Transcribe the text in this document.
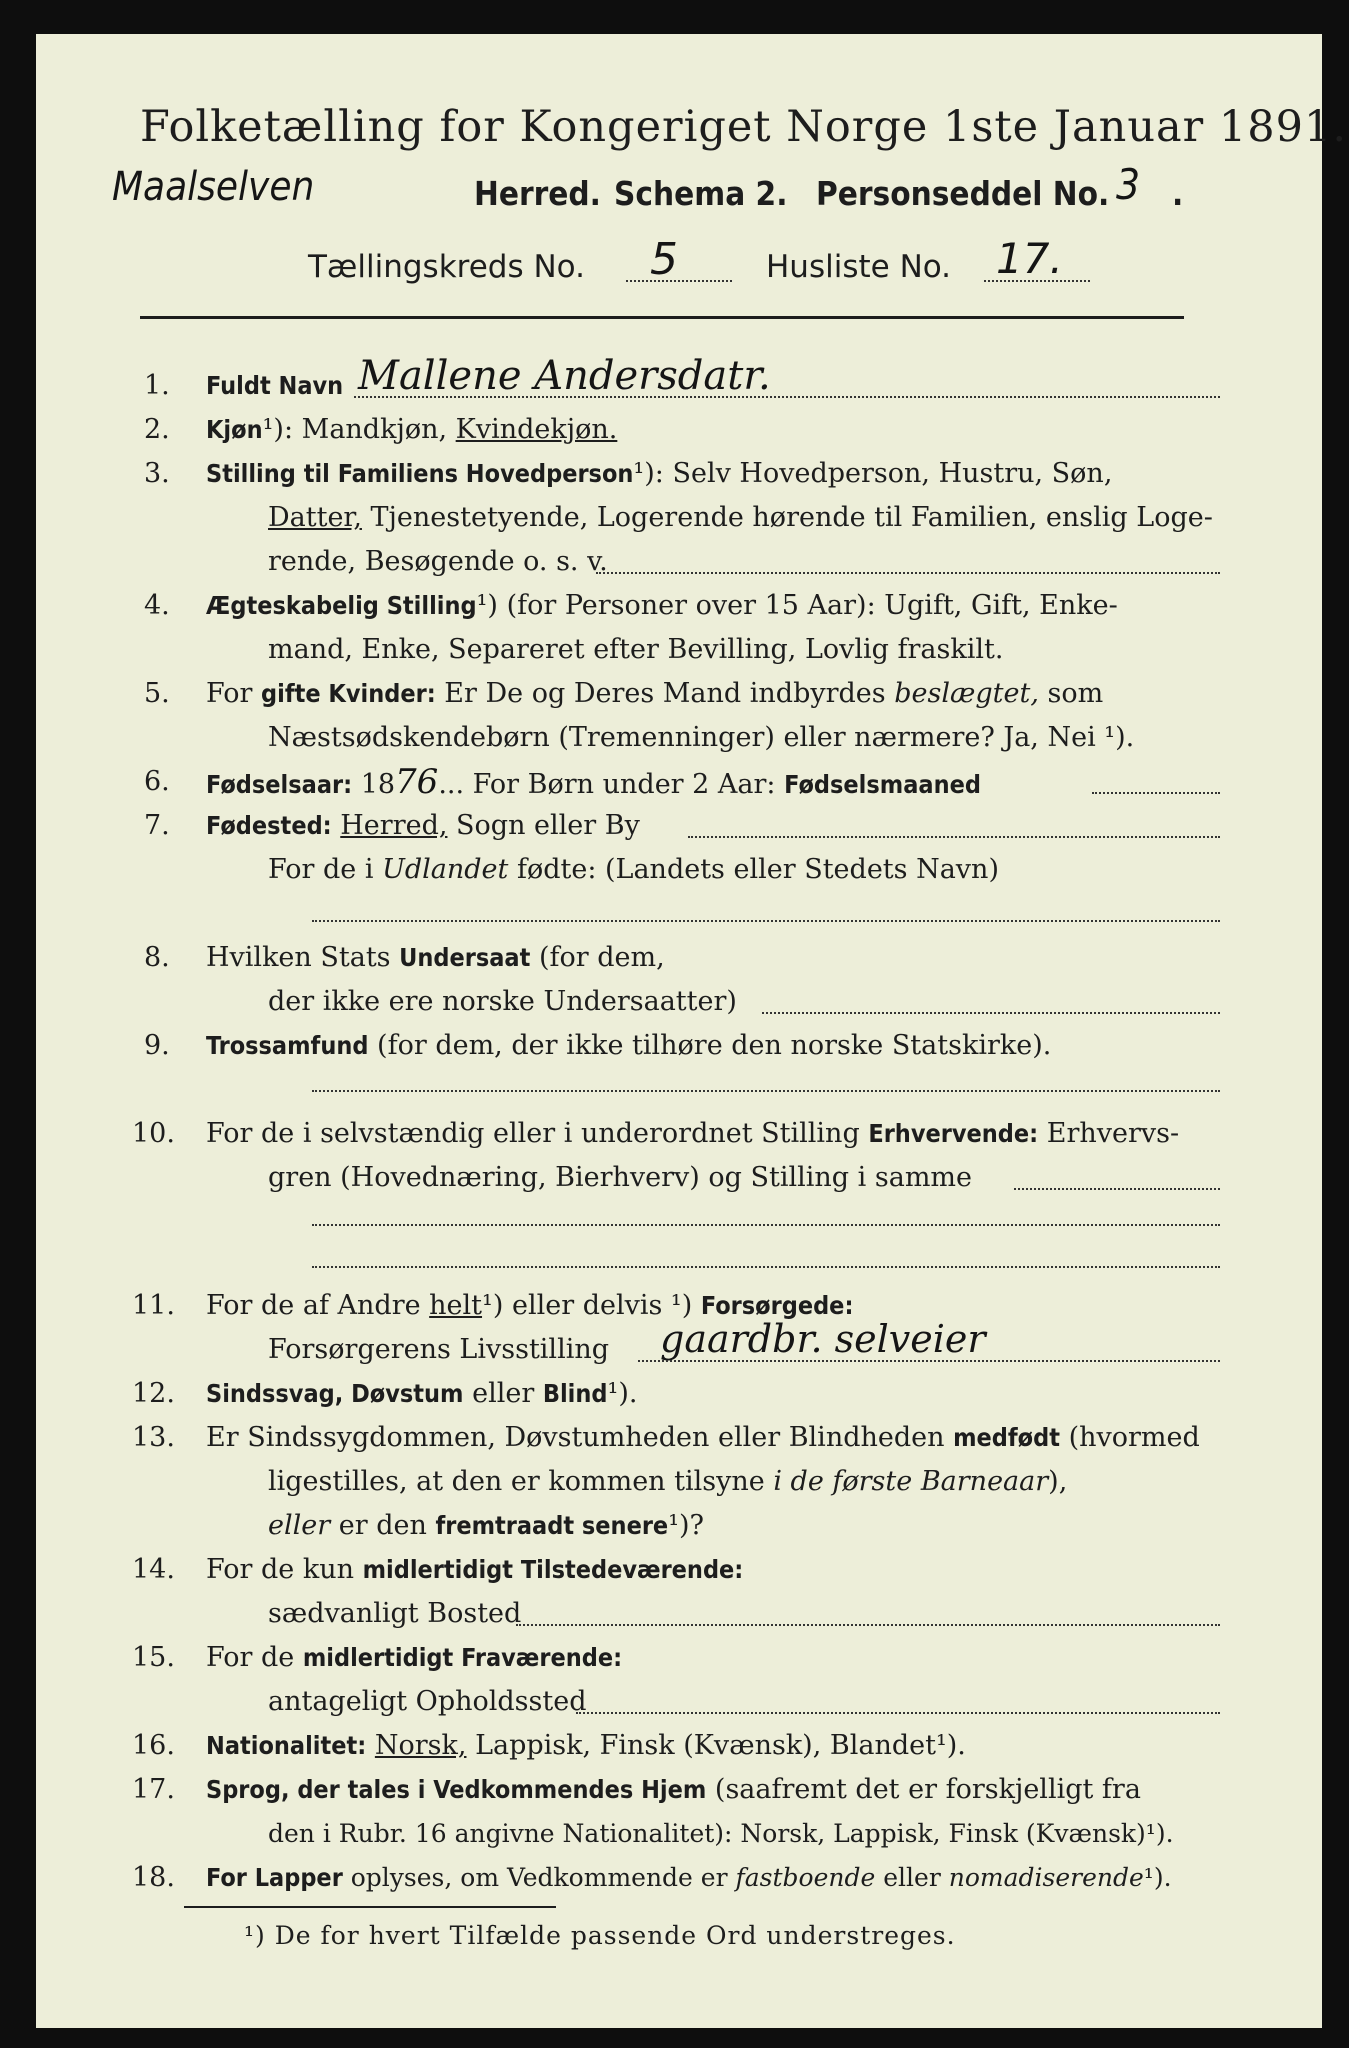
Folketælling for Kongeriget Norge 1ste Januar 1891.
Maalselven	Herred. Schema 2. Personseddel No. 3 .
Tællingskreds No. 5	Husliste No. 17.
1. Fuldt Navn Mallene Andersdatr.
2. Kjøn¹): Mandkjøn, Kvindekjøn.
3. Stilling til Familiens Hovedperson¹): Selv Hovedperson, Hustru, Søn,
Datter, Tjenestetyende, Logerende hørende til Familien, enslig Loge-
rende, Besøgende o. s. v.
4. Ægteskabelig Stilling¹) (for Personer over 15 Aar): Ugift, Gift, Enke-
mand, Enke, Separeret efter Bevilling, Lovlig fraskilt.
5. For gifte Kvinder: Er De og Deres Mand indbyrdes beslægtet, som
Næstsødskendebørn (Tremenninger) eller nærmere? Ja, Nei ¹).
6. Fødselsaar: 1876... For Børn under 2 Aar: Fødselsmaaned
7. Fødested: Herred, Sogn eller By
For de i Udlandet fødte: (Landets eller Stedets Navn)
8. Hvilken Stats Undersaat (for dem,
der ikke ere norske Undersaatter)
9. Trossamfund (for dem, der ikke tilhøre den norske Statskirke).
10. For de i selvstændig eller i underordnet Stilling Erhvervende: Erhvervs-
gren (Hovednæring, Bierhverv) og Stilling i samme
11. For de af Andre helt¹) eller delvis ¹) Forsørgede:
Forsørgerens Livsstilling gaardbr. selveier
12. Sindssvag, Døvstum eller Blind¹).
13. Er Sindssygdommen, Døvstumheden eller Blindheden medfødt (hvormed
ligestilles, at den er kommen tilsyne i de første Barneaar),
eller er den fremtraadt senere¹)?
14. For de kun midlertidigt Tilstedeværende:
sædvanligt Bosted
15. For de midlertidigt Fraværende:
antageligt Opholdssted
16. Nationalitet: Norsk, Lappisk, Finsk (Kvænsk), Blandet¹).
17. Sprog, der tales i Vedkommendes Hjem (saafremt det er forskjelligt fra
den i Rubr. 16 angivne Nationalitet): Norsk, Lappisk, Finsk (Kvænsk)¹).
18. For Lapper oplyses, om Vedkommende er fastboende eller nomadiserende¹).
¹) De for hvert Tilfælde passende Ord understreges.
